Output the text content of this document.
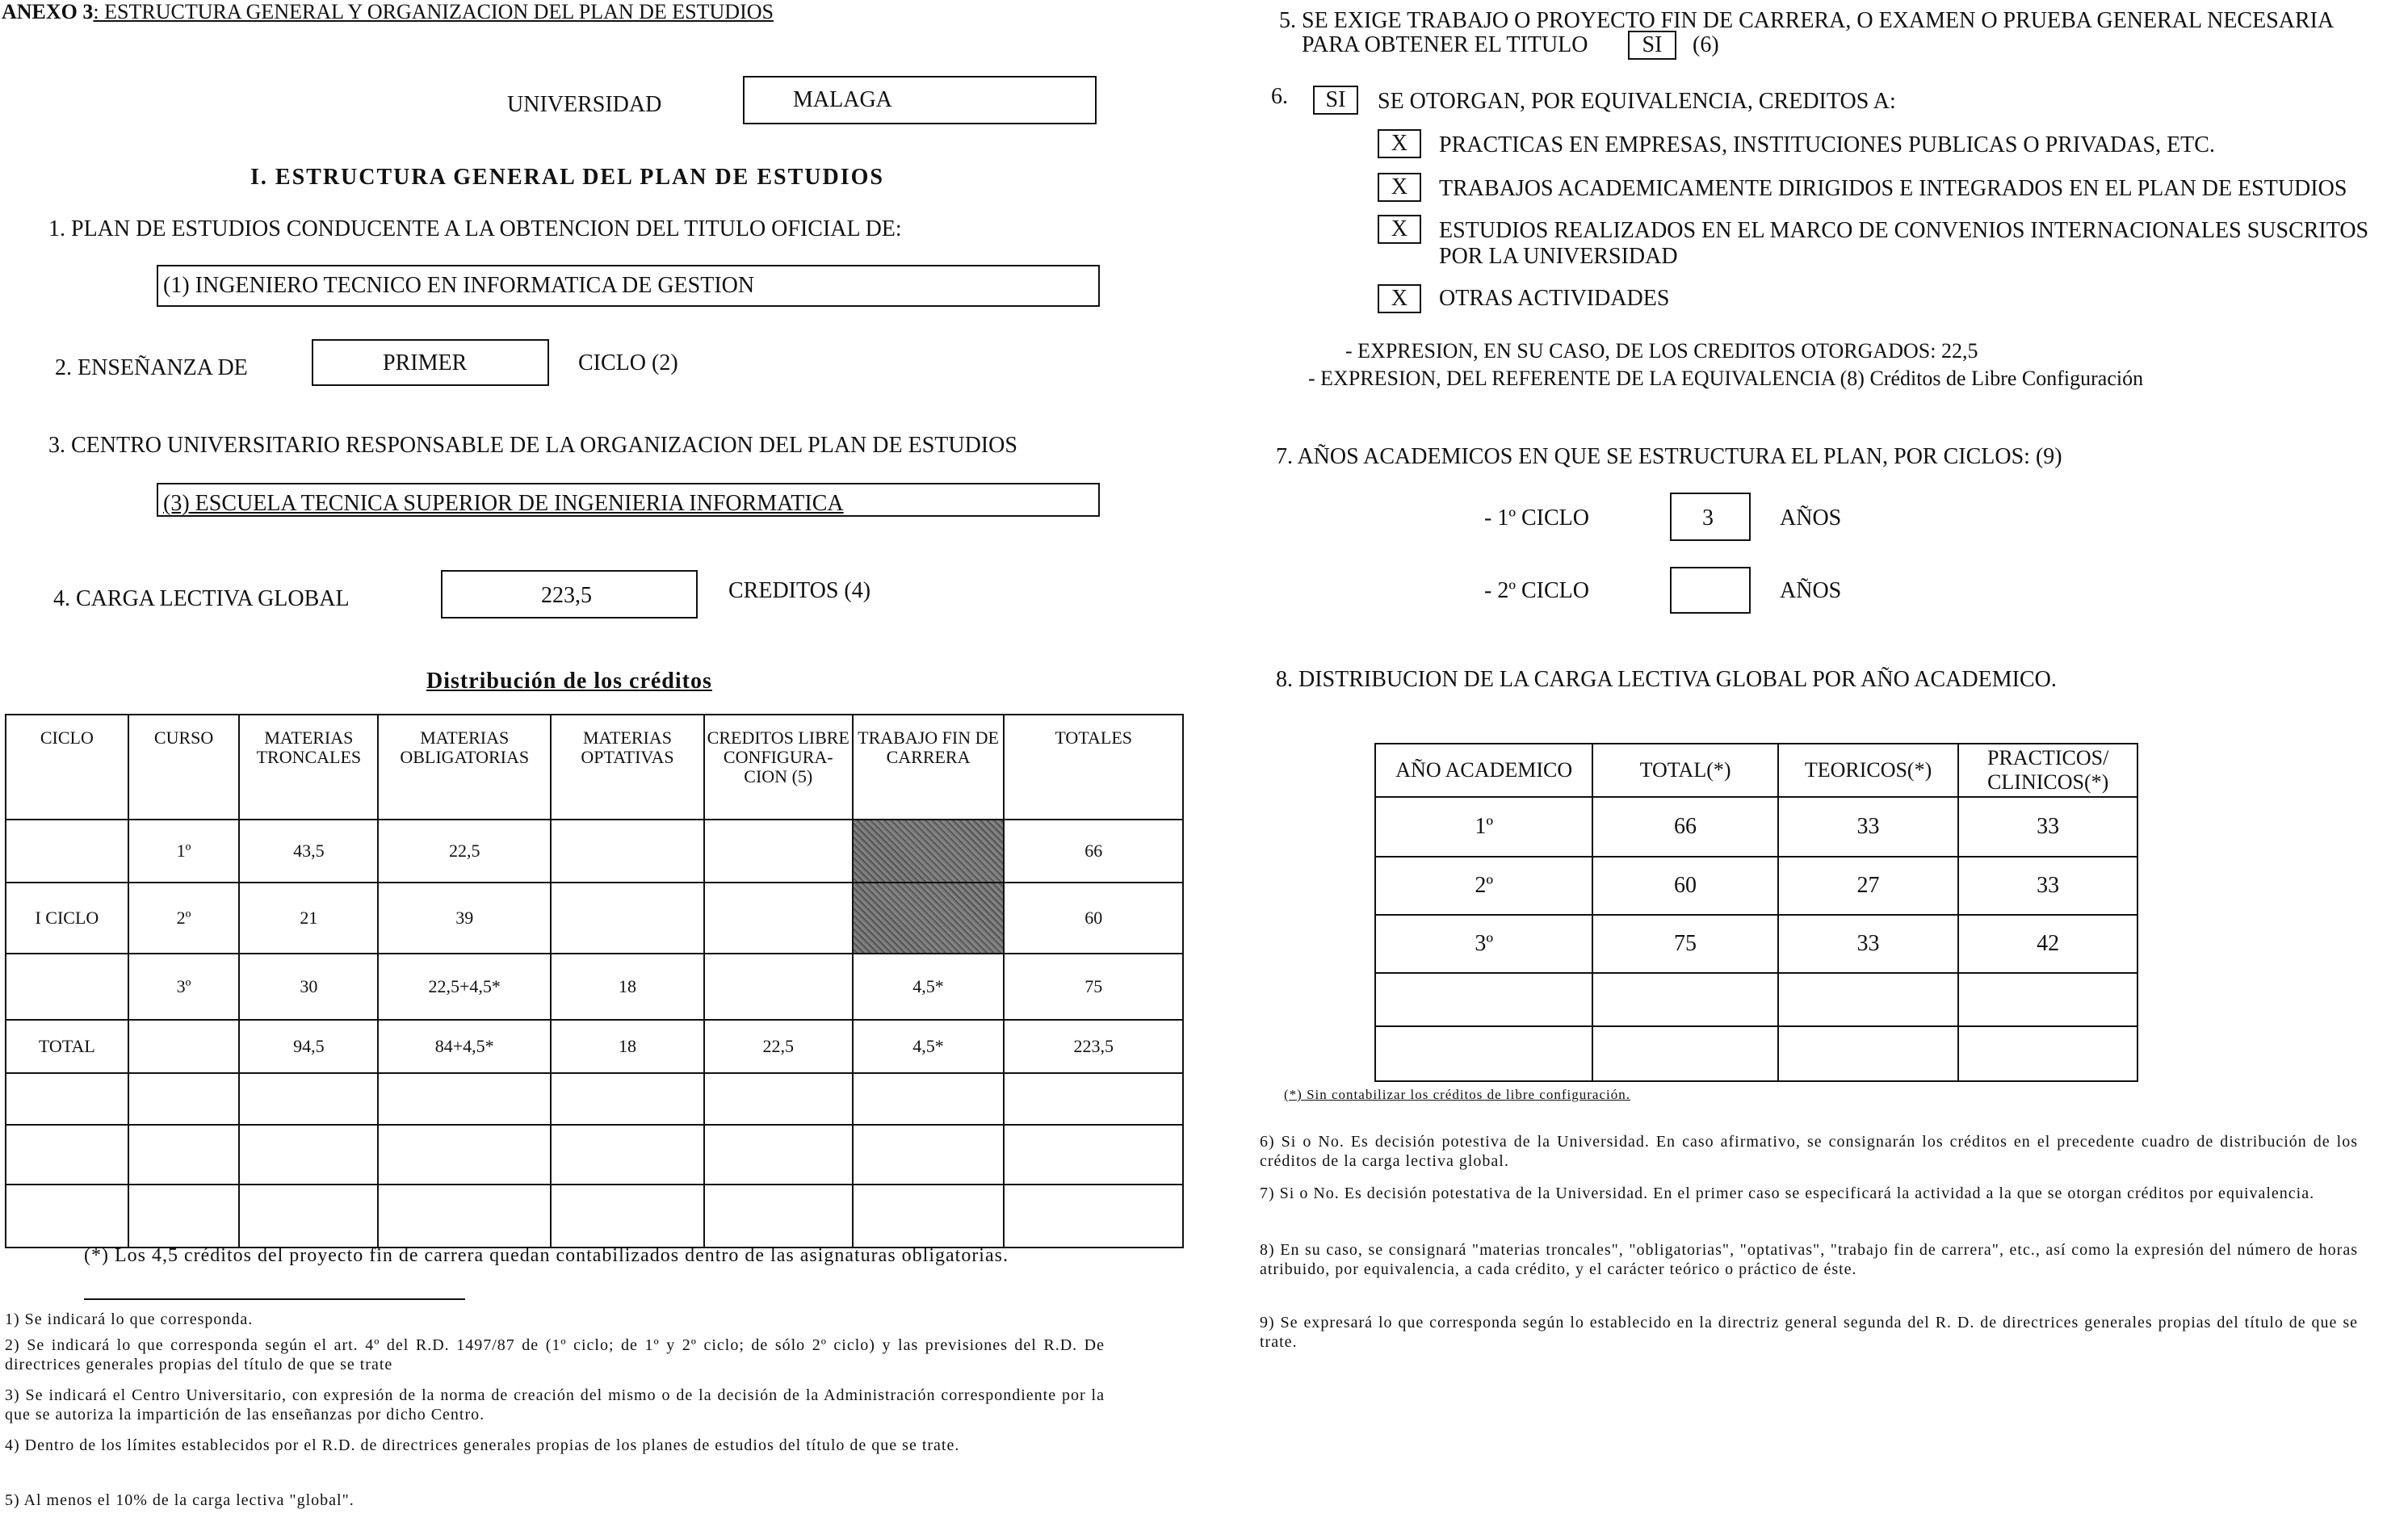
ANEXO 3: ESTRUCTURA GENERAL Y ORGANIZACION DEL PLAN DE ESTUDIOS
UNIVERSIDAD	MALAGA
I. ESTRUCTURA GENERAL DEL PLAN DE ESTUDIOS
1. PLAN DE ESTUDIOS CONDUCENTE A LA OBTENCION DEL TITULO OFICIAL DE:
(1) INGENIERO TECNICO EN INFORMATICA DE GESTION
2. ENSEÑANZA DE	PRIMER	CICLO (2)
3. CENTRO UNIVERSITARIO RESPONSABLE DE LA ORGANIZACION DEL PLAN DE ESTUDIOS
(3) ESCUELA TECNICA SUPERIOR DE INGENIERIA INFORMATICA
4. CARGA LECTIVA GLOBAL	223,5	CREDITOS (4)
Distribución de los créditos
CICLO	CURSO	MATERIAS TRONCALES	MATERIAS OBLIGATORIAS	MATERIAS OPTATIVAS	CREDITOS LIBRE CONFIGURA-CION (5)	TRABAJO FIN DE CARRERA	TOTALES
	1º	43,5	22,5				66
I CICLO	2º	21	39				60
	3º	30	22,5+4,5*	18		4,5*	75
TOTAL		94,5	84+4,5*	18	22,5	4,5*	223,5

(*) Los 4,5 créditos del proyecto fin de carrera quedan contabilizados dentro de las asignaturas obligatorias.
1) Se indicará lo que corresponda.
2) Se indicará lo que corresponda según el art. 4º del R.D. 1497/87 de (1º ciclo; de 1º y 2º ciclo; de sólo 2º ciclo) y las previsiones del R.D. De directrices generales propias del título de que se trate
3) Se indicará el Centro Universitario, con expresión de la norma de creación del mismo o de la decisión de la Administración correspondiente por la que se autoriza la impartición de las enseñanzas por dicho Centro.
4) Dentro de los límites establecidos por el R.D. de directrices generales propias de los planes de estudios del título de que se trate.
5) Al menos el 10% de la carga lectiva "global".
5. SE EXIGE TRABAJO O PROYECTO FIN DE CARRERA, O EXAMEN O PRUEBA GENERAL NECESARIA
PARA OBTENER EL TITULO	SI	(6)
6.	SI	SE OTORGAN, POR EQUIVALENCIA, CREDITOS A:
X	PRACTICAS EN EMPRESAS, INSTITUCIONES PUBLICAS O PRIVADAS, ETC.
X	TRABAJOS ACADEMICAMENTE DIRIGIDOS E INTEGRADOS EN EL PLAN DE ESTUDIOS
X	ESTUDIOS REALIZADOS EN EL MARCO DE CONVENIOS INTERNACIONALES SUSCRITOS
POR LA UNIVERSIDAD
X	OTRAS ACTIVIDADES
- EXPRESION, EN SU CASO, DE LOS CREDITOS OTORGADOS: 22,5
- EXPRESION, DEL REFERENTE DE LA EQUIVALENCIA (8) Créditos de Libre Configuración
7. AÑOS ACADEMICOS EN QUE SE ESTRUCTURA EL PLAN, POR CICLOS: (9)
- 1º CICLO	3	AÑOS
- 2º CICLO	AÑOS
8. DISTRIBUCION DE LA CARGA LECTIVA GLOBAL POR AÑO ACADEMICO.
AÑO ACADEMICO	TOTAL(*)	TEORICOS(*)	PRACTICOS/ CLINICOS(*)
1º	66	33	33
2º	60	27	33
3º	75	33	42

(*) Sin contabilizar los créditos de libre configuración.
6) Si o No. Es decisión potestiva de la Universidad. En caso afirmativo, se consignarán los créditos en el precedente cuadro de distribución de los créditos de la carga lectiva global.
7) Si o No. Es decisión potestativa de la Universidad. En el primer caso se especificará la actividad a la que se otorgan créditos por equivalencia.
8) En su caso, se consignará "materias troncales", "obligatorias", "optativas", "trabajo fin de carrera", etc., así como la expresión del número de horas atribuido, por equivalencia, a cada crédito, y el carácter teórico o práctico de éste.
9) Se expresará lo que corresponda según lo establecido en la directriz general segunda del R. D. de directrices generales propias del título de que se trate.
